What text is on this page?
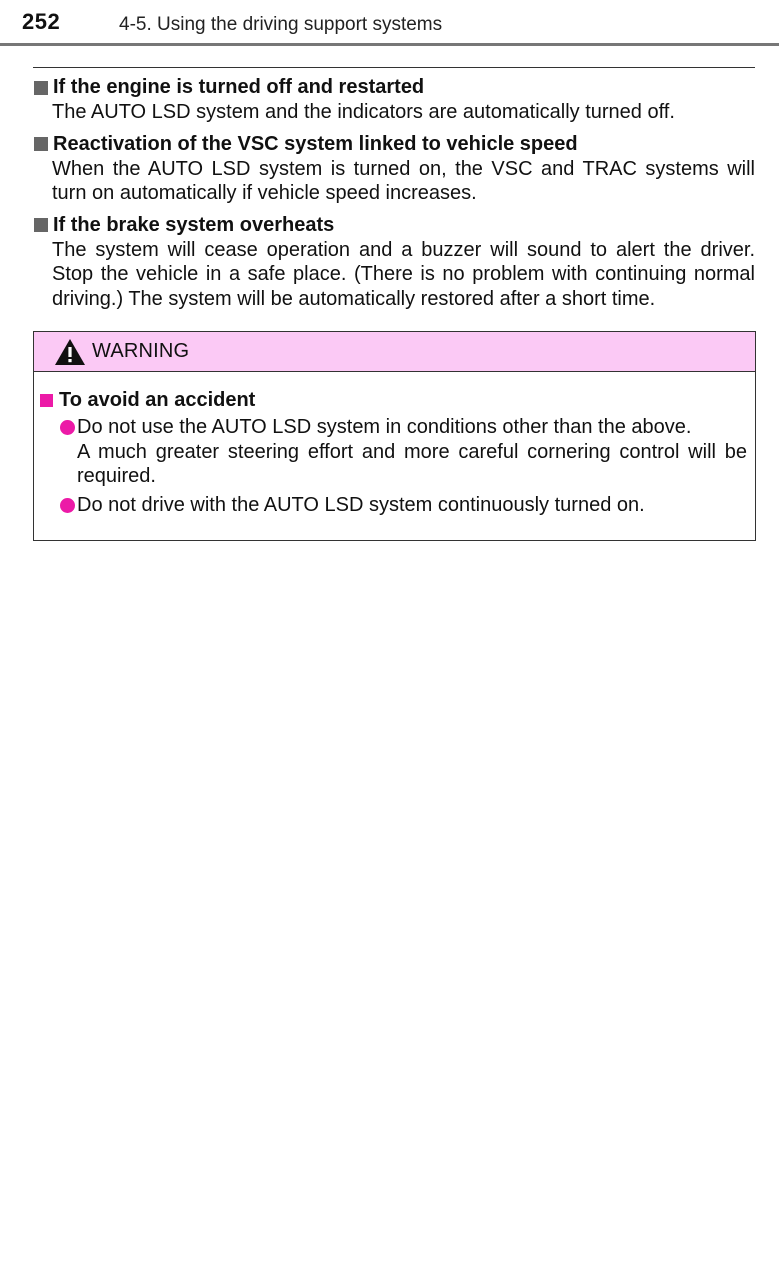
252	4-5. Using the driving support systems
If the engine is turned off and restarted
The AUTO LSD system and the indicators are automatically turned off.
Reactivation of the VSC system linked to vehicle speed
When the AUTO LSD system is turned on, the VSC and TRAC systems will turn on automatically if vehicle speed increases.
If the brake system overheats
The system will cease operation and a buzzer will sound to alert the driver. Stop the vehicle in a safe place. (There is no problem with continuing normal driving.) The system will be automatically restored after a short time.
WARNING
To avoid an accident
Do not use the AUTO LSD system in conditions other than the above.
A much greater steering effort and more careful cornering control will be required.
Do not drive with the AUTO LSD system continuously turned on.
